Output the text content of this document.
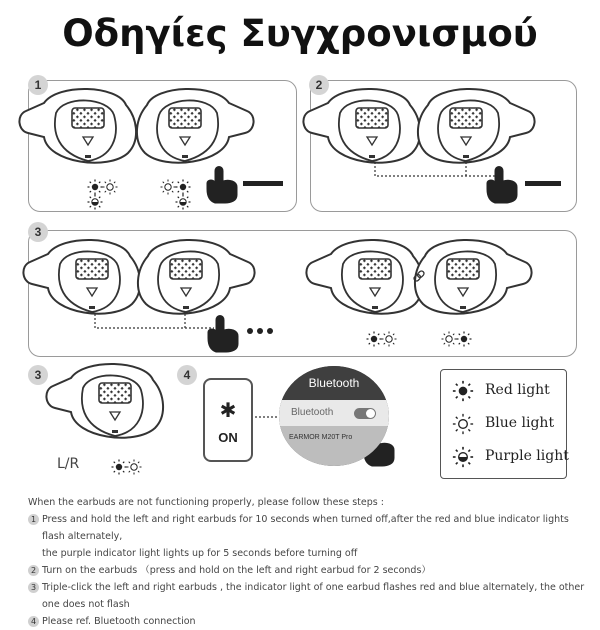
Οδηγίες Συγχρονισμού
1	2
3
3	4
L/R
✱
ON
Bluetooth
Bluetooth
EARMOR M20T Pro
Red light
Blue light
Purple light
When the earbuds are not functioning properly, please follow these steps :
1 Press and hold the left and right earbuds for 10 seconds when turned off,after the red and blue indicator lights flash alternately,
the purple indicator light lights up for 5 seconds before turning off
2 Turn on the earbuds （press and hold on the left and right earbud for 2 seconds）
3 Triple-click the left and right earbuds , the indicator light of one earbud flashes red and blue alternately, the other one does not flash
4 Please ref. Bluetooth connection
